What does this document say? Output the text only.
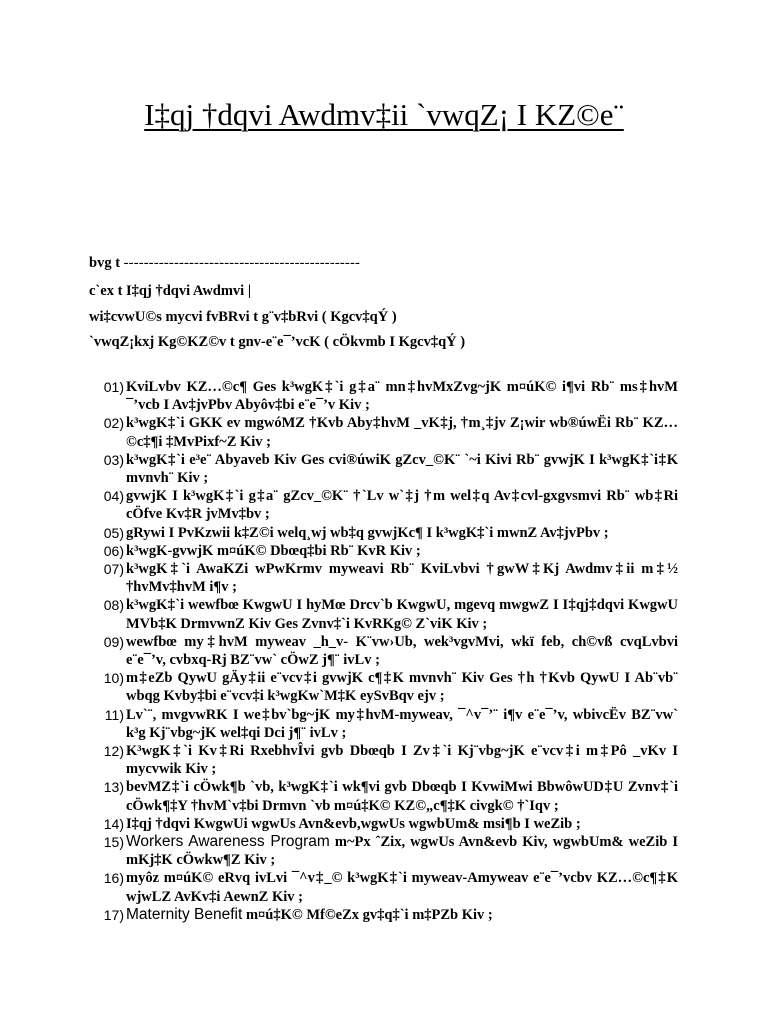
I‡qj †dqvi Awdmv‡ii `vwqZ¡ I KZ©e¨
bvg t -----------------------------------------------
c`ex t I‡qj †dqvi Awdmvi |
wi‡cvwU©s mycvi fvBRvi t g¨v‡bRvi ( Kgcv‡qÝ )
`vwqZ¡kxj Kg©KZ©v t gnv-e¨e¯’vcK ( cÖkvmb I Kgcv‡qÝ )
01) KviLvbv KZ…©c¶ Ges k³wgK‡`i g‡a¨ mn‡hvMxZvg~jK m¤úK© i¶vi Rb¨ ms‡hvM ¯’vcb I Av‡jvPbv Abyôv‡bi e¨e¯’v Kiv ;
02) k³wgK‡`i GKK ev mgwóMZ †Kvb Aby‡hvM _vK‡j, †m¸‡jv Z¡wir wb®úwËi Rb¨ KZ…©c‡¶i ‡MvPixf~Z Kiv ;
03) k³wgK‡`i e³e¨ Abyaveb Kiv Ges cvi®úwiK gZcv_©K¨ `~i Kivi Rb¨ gvwjK I k³wgK‡`i‡K mvnvh¨ Kiv ;
04) gvwjK I k³wgK‡`i g‡a¨ gZcv_©K¨ †`Lv w`‡j †m wel‡q Av‡cvl-gxgvsmvi Rb¨ wb‡Ri cÖfve Kv‡R jvMv‡bv ;
05) gRywi I PvKzwii k‡Z©i welq¸wj wb‡q gvwjKc¶ I k³wgK‡`i mwnZ Av‡jvPbv ;
06) k³wgK-gvwjK m¤úK© Dbœq‡bi Rb¨ KvR Kiv ;
07) k³wgK‡`i AwaKZi wPwKrmv myweavi Rb¨ KviLvbvi †gwW‡Kj Awdmv‡ii m‡½ †hvMv‡hvM i¶v ;
08) k³wgK‡`i wewfbœ KwgwU I hyMœ Drcv`b KwgwU, mgevq mwgwZ I I‡qj‡dqvi KwgwU MVb‡K DrmvwnZ Kiv Ges Zvnv‡`i KvRKg© Z`viK Kiv ;
09) wewfbœ my‡hvM myweav _h_v- K¨vw›Ub, wek³vgvMvi, wkï feb, ch©vß cvqLvbvi e¨e¯’v, cvbxq-Rj BZ¨vw` cÖwZ j¶¨ ivLv ;
10) m‡eZb QywU gÄy‡ii e¨vcv‡i gvwjK c¶‡K mvnvh¨ Kiv Ges †h †Kvb QywU I Ab¨vb¨ wbqg Kvby‡bi e¨vcv‡i k³wgKw`M‡K eySvBqv ejv ;
11) Lv`¨, mvgvwRK I we‡bv`bg~jK my‡hvM-myweav, ¯^v¯’¨ i¶v e¨e¯’v, wbivcËv BZ¨vw` k³g Kj¨vbg~jK wel‡qi Dci j¶¨ ivLv ;
12) K³wgK‡`i Kv‡Ri RxebhvÎvi gvb Dbœqb I Zv‡`i Kj¨vbg~jK e¨vcv‡i m‡Pô _vKv I mycvwik Kiv ;
13) bevMZ‡`i cÖwk¶b `vb, k³wgK‡`i wk¶vi gvb Dbœqb I KvwiMwi BbwôwUD‡U Zvnv‡`i cÖwk¶‡Y †hvM`v‡bi Drmvn `vb m¤ú‡K© KZ©„c¶‡K civgk© †`Iqv ;
14) I‡qj †dqvi KwgwUi wgwUs Avn&evb,wgwUs wgwbUm& msi¶b I weZib ;
15) Workers Awareness Program m~Px ˆZix, wgwUs Avn&evb Kiv, wgwbUm& weZib I mKj‡K cÖwkw¶Z Kiv ;
16) myôz m¤úK© eRvq ivLvi ¯^v‡_© k³wgK‡`i myweav-Amyweav e¨e¯’vcbv KZ…©c¶‡K wjwLZ AvKv‡i AewnZ Kiv ;
17) Maternity Benefit m¤ú‡K© Mf©eZx gv‡q‡`i m‡PZb Kiv ;
